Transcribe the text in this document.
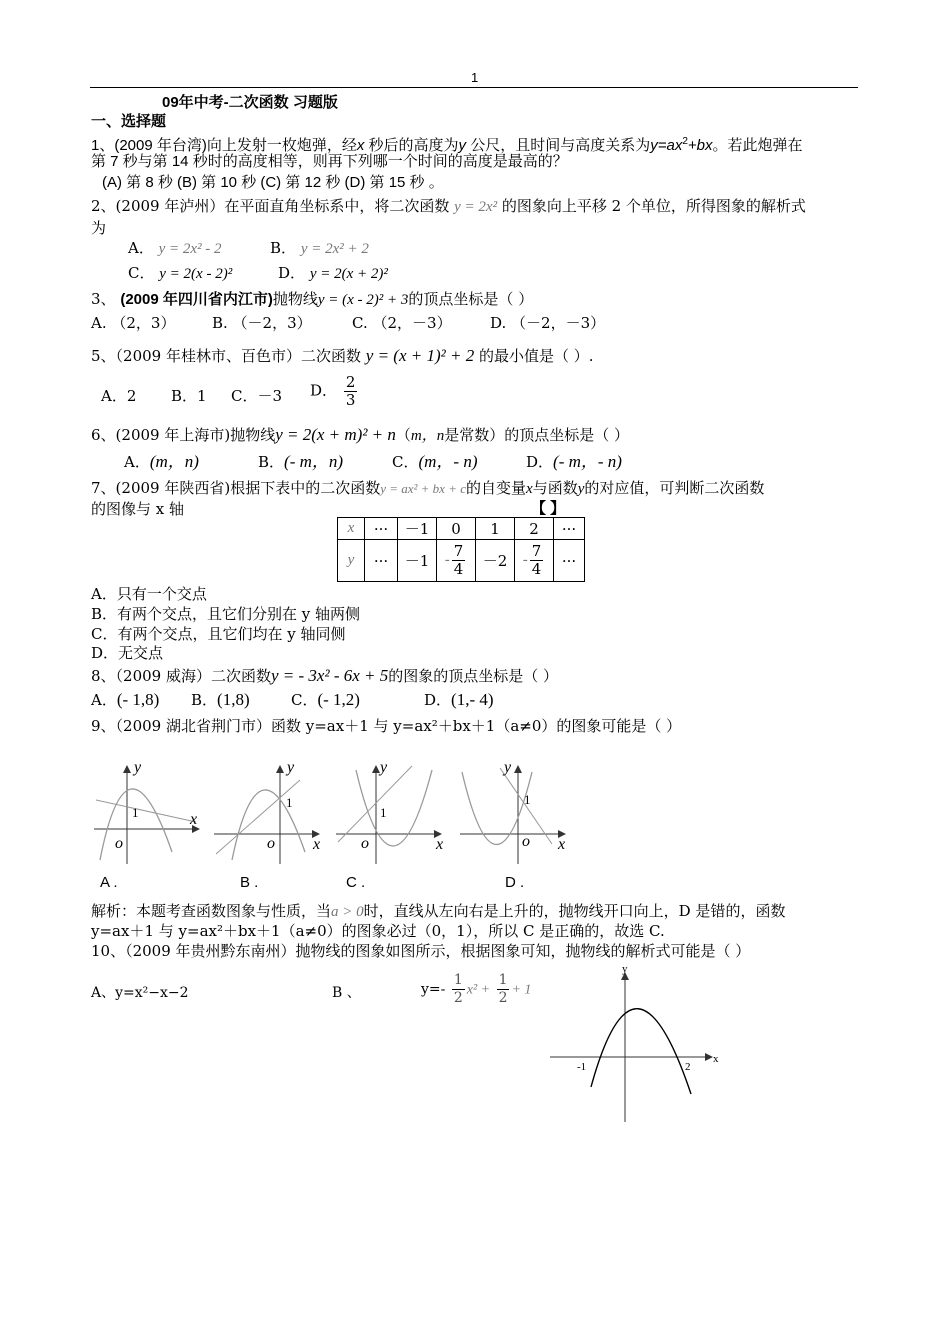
1
09年中考-二次函数 习题版
一、选择题
1、(2009 年台湾)向上发射一枚炮弹，经x 秒后的高度为y 公尺，且时间与高度关系为$y=ax^2+bx$。若此炮弹在
第 7 秒与第 14 秒时的高度相等，则再下列哪一个时间的高度是最高的？
(A) 第 8 秒 (B) 第 10 秒 (C) 第 12 秒 (D) 第 15 秒 。
2、(2009 年泸州）在平面直角坐标系中，将二次函数 y = 2x² 的图象向上平移 2 个单位，所得图象的解析式
为
A． y = 2x² - 2	B． y = 2x² + 2
C． y = 2(x - 2)²	D． y = 2(x + 2)²
3、 (2009 年四川省内江市)抛物线y = (x - 2)² + 3的顶点坐标是（ ）
A. （2，3） B. （－2，3）	C. （2，－3）	D. （－2，－3）
5、（2009 年桂林市、百色市）二次函数 y = (x + 1)² + 2 的最小值是（ ）.
A．2 B．1 C．－3 D． $\frac{2}{3}$
6、(2009 年上海市)抛物线y = 2(x + m)² + n（m，n是常数）的顶点坐标是（ ）
A．(m，n)	B．(- m，n)	C．(m，- n)	D．(- m，- n)
7、(2009 年陕西省)根据下表中的二次函数y = ax² + bx + c的自变量x与函数y的对应值，可判断二次函数
的图像与 x 轴	【 】
x	···	－1	0	1	2	···
y	···	－1	- $\frac{7}{4}$	－2	- $\frac{7}{4}$	···
A．只有一个交点
B．有两个交点，且它们分别在 y 轴两侧
C．有两个交点，且它们均在 y 轴同侧
D．无交点
8、（2009 威海）二次函数y = - 3x² - 6x + 5的图象的顶点坐标是（ ）
A．(- 1,8) B．(1,8)	C．(- 1,2)	D．(1,- 4)
9、（2009 湖北省荆门市）函数 y=ax＋1 与 y=ax²＋bx＋1（a≠0）的图象可能是（ ）
y
x
o
1
y
x
o
1
y
x
o
1
y
x
o
1
A .	B .	C .	D .
解析：本题考查函数图象与性质，当a > 0时，直线从左向右是上升的，抛物线开口向上，D 是错的，函数
y=ax＋1 与 y=ax²＋bx＋1（a≠0）的图象必过（0，1），所以 C 是正确的，故选 C.
10、（2009 年贵州黔东南州）抛物线的图象如图所示，根据图象可知，抛物线的解析式可能是（ ）
A、y=x²−x−2	B 、	$y=- \frac{1}{2} x^2 + \frac{1}{2} + 1$
y
x
-1	2
